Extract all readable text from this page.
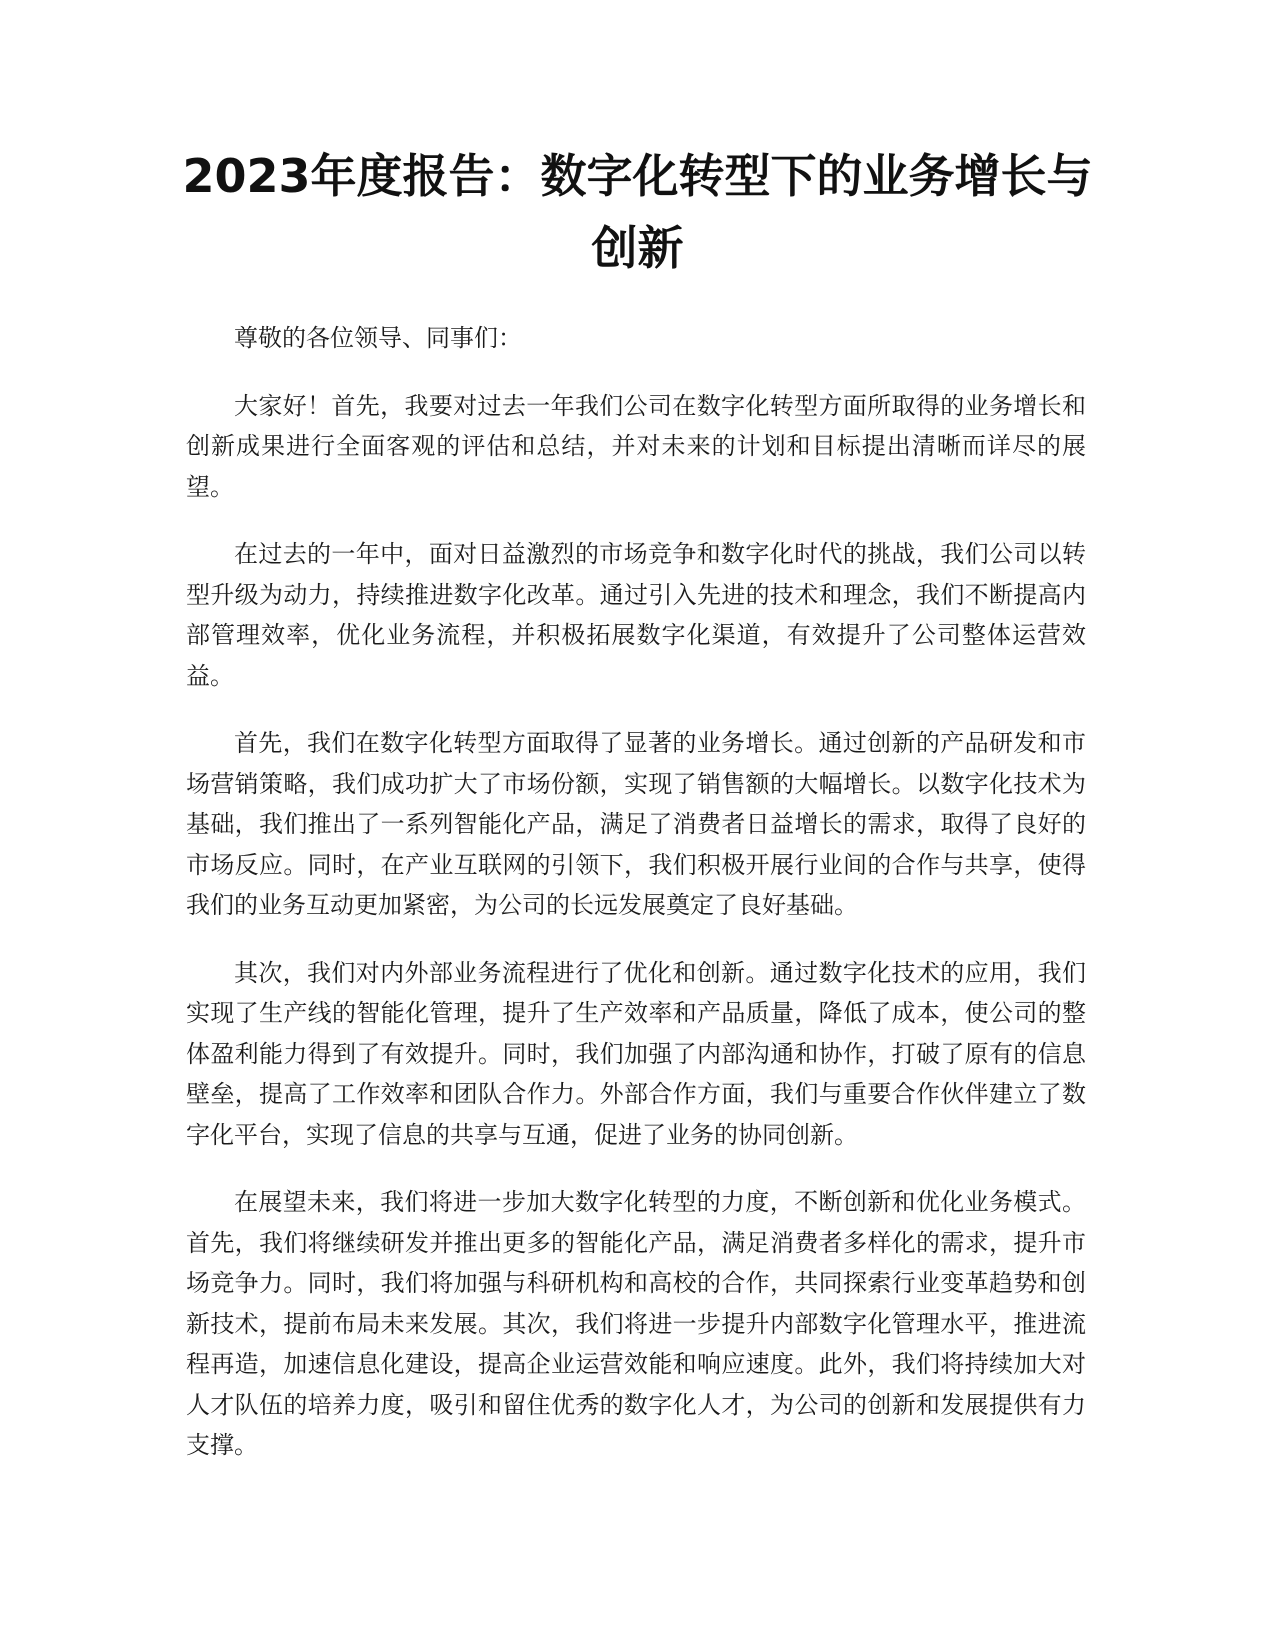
2023年度报告：数字化转型下的业务增长与创新

尊敬的各位领导、同事们：

大家好！首先，我要对过去一年我们公司在数字化转型方面所取得的业务增长和创新成果进行全面客观的评估和总结，并对未来的计划和目标提出清晰而详尽的展望。

在过去的一年中，面对日益激烈的市场竞争和数字化时代的挑战，我们公司以转型升级为动力，持续推进数字化改革。通过引入先进的技术和理念，我们不断提高内部管理效率，优化业务流程，并积极拓展数字化渠道，有效提升了公司整体运营效益。

首先，我们在数字化转型方面取得了显著的业务增长。通过创新的产品研发和市场营销策略，我们成功扩大了市场份额，实现了销售额的大幅增长。以数字化技术为基础，我们推出了一系列智能化产品，满足了消费者日益增长的需求，取得了良好的市场反应。同时，在产业互联网的引领下，我们积极开展行业间的合作与共享，使得我们的业务互动更加紧密，为公司的长远发展奠定了良好基础。

其次，我们对内外部业务流程进行了优化和创新。通过数字化技术的应用，我们实现了生产线的智能化管理，提升了生产效率和产品质量，降低了成本，使公司的整体盈利能力得到了有效提升。同时，我们加强了内部沟通和协作，打破了原有的信息壁垒，提高了工作效率和团队合作力。外部合作方面，我们与重要合作伙伴建立了数字化平台，实现了信息的共享与互通，促进了业务的协同创新。

在展望未来，我们将进一步加大数字化转型的力度，不断创新和优化业务模式。首先，我们将继续研发并推出更多的智能化产品，满足消费者多样化的需求，提升市场竞争力。同时，我们将加强与科研机构和高校的合作，共同探索行业变革趋势和创新技术，提前布局未来发展。其次，我们将进一步提升内部数字化管理水平，推进流程再造，加速信息化建设，提高企业运营效能和响应速度。此外，我们将持续加大对人才队伍的培养力度，吸引和留住优秀的数字化人才，为公司的创新和发展提供有力支撑。
